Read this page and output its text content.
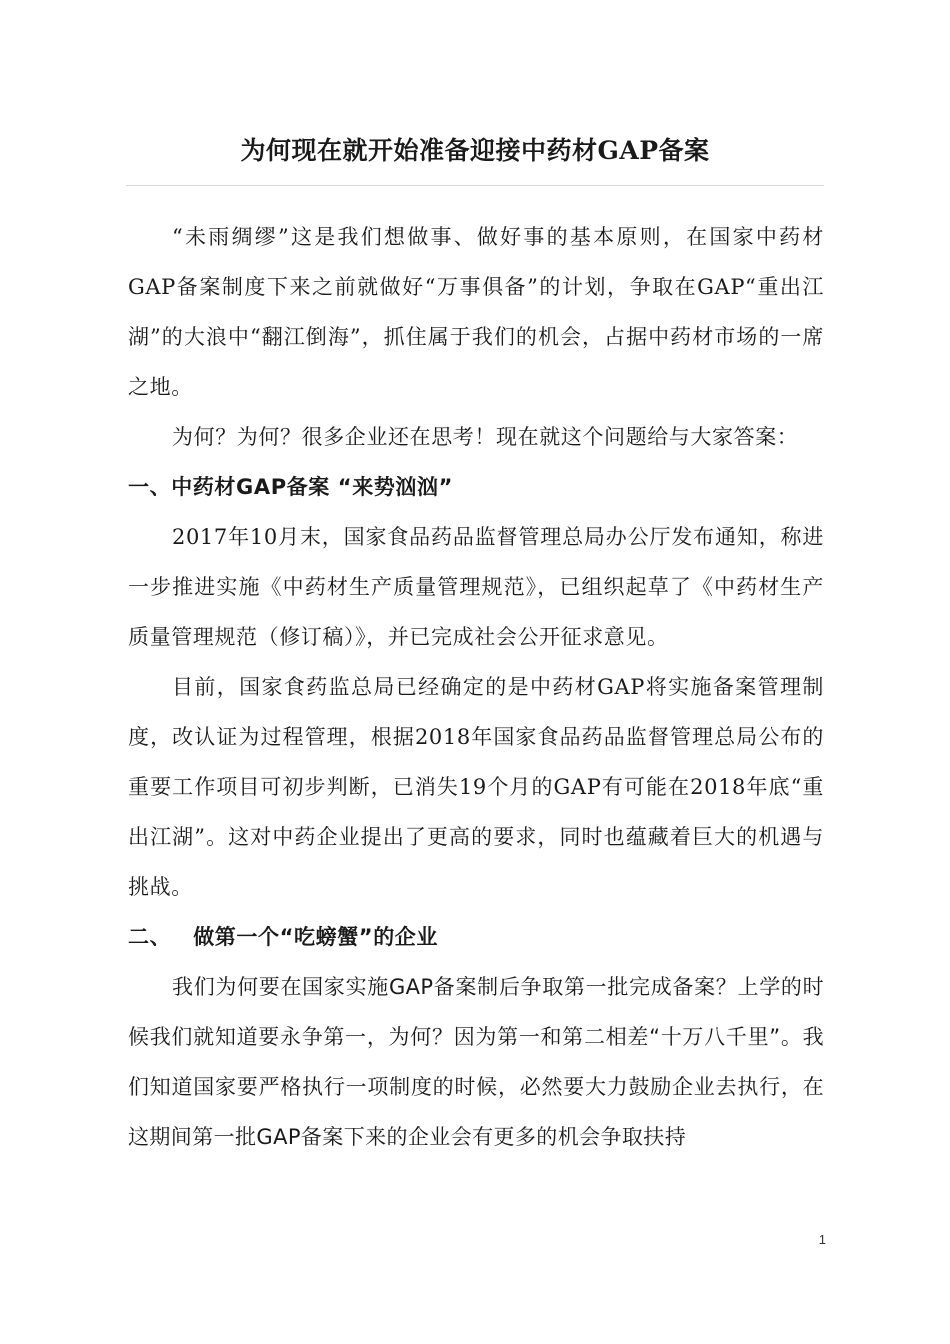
为何现在就开始准备迎接中药材GAP备案

“未雨绸缪”这是我们想做事、做好事的基本原则，在国家中药材GAP备案制度下来之前就做好“万事俱备”的计划，争取在GAP“重出江湖”的大浪中“翻江倒海”，抓住属于我们的机会，占据中药材市场的一席之地。

为何？为何？很多企业还在思考！现在就这个问题给与大家答案：

一、中药材GAP备案 “来势汹汹”

2017年10月末，国家食品药品监督管理总局办公厅发布通知，称进一步推进实施《中药材生产质量管理规范》，已组织起草了《中药材生产质量管理规范（修订稿）》，并已完成社会公开征求意见。

目前，国家食药监总局已经确定的是中药材GAP将实施备案管理制度，改认证为过程管理，根据2018年国家食品药品监督管理总局公布的重要工作项目可初步判断，已消失19个月的GAP有可能在2018年底“重出江湖”。这对中药企业提出了更高的要求，同时也蕴藏着巨大的机遇与挑战。

二、 做第一个“吃螃蟹”的企业

我们为何要在国家实施GAP备案制后争取第一批完成备案？上学的时候我们就知道要永争第一，为何？因为第一和第二相差“十万八千里”。我们知道国家要严格执行一项制度的时候，必然要大力鼓励企业去执行，在这期间第一批GAP备案下来的企业会有更多的机会争取扶持

1
